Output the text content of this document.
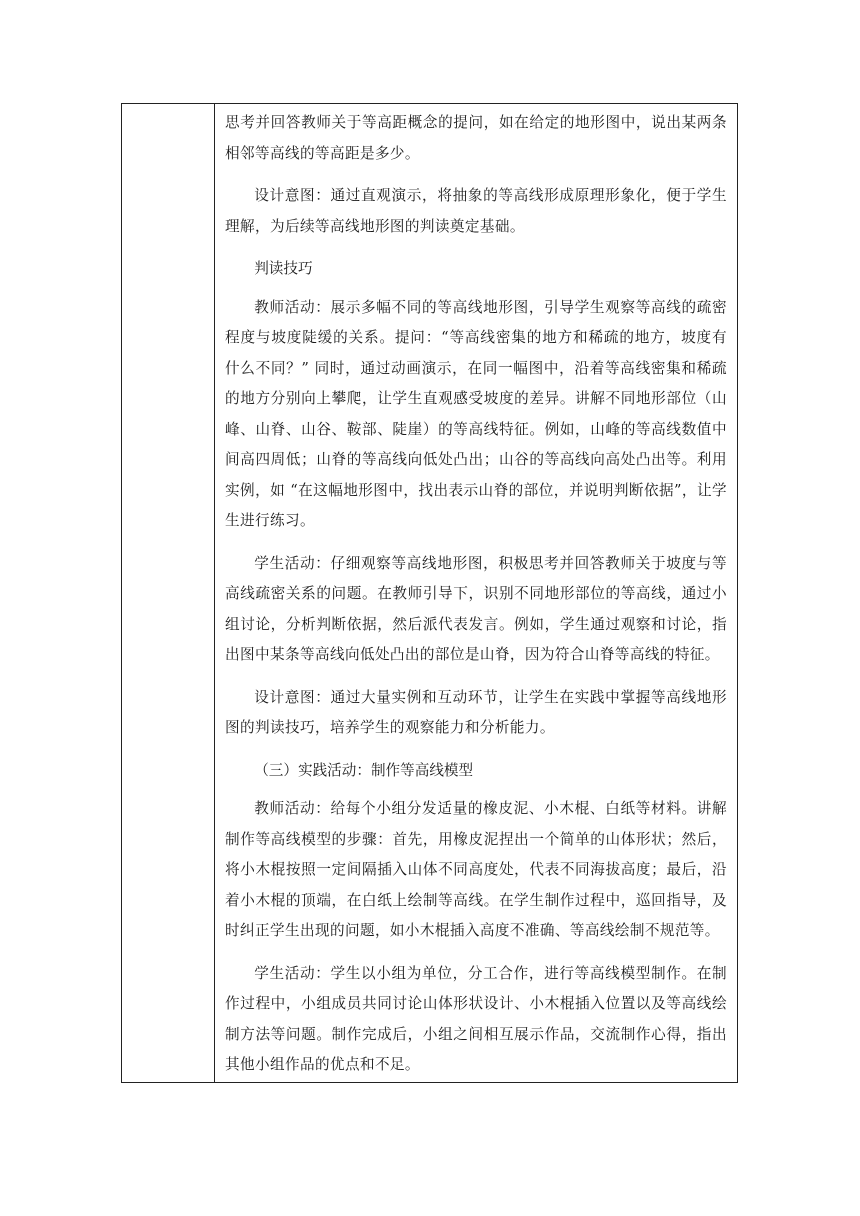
思考并回答教师关于等高距概念的提问，如在给定的地形图中，说出某两条相邻等高线的等高距是多少。

设计意图：通过直观演示，将抽象的等高线形成原理形象化，便于学生理解，为后续等高线地形图的判读奠定基础。

判读技巧

教师活动：展示多幅不同的等高线地形图，引导学生观察等高线的疏密程度与坡度陡缓的关系。提问：“等高线密集的地方和稀疏的地方，坡度有什么不同？” 同时，通过动画演示，在同一幅图中，沿着等高线密集和稀疏的地方分别向上攀爬，让学生直观感受坡度的差异。讲解不同地形部位（山峰、山脊、山谷、鞍部、陡崖）的等高线特征。例如，山峰的等高线数值中间高四周低；山脊的等高线向低处凸出；山谷的等高线向高处凸出等。利用实例，如 “在这幅地形图中，找出表示山脊的部位，并说明判断依据”，让学生进行练习。

学生活动：仔细观察等高线地形图，积极思考并回答教师关于坡度与等高线疏密关系的问题。在教师引导下，识别不同地形部位的等高线，通过小组讨论，分析判断依据，然后派代表发言。例如，学生通过观察和讨论，指出图中某条等高线向低处凸出的部位是山脊，因为符合山脊等高线的特征。

设计意图：通过大量实例和互动环节，让学生在实践中掌握等高线地形图的判读技巧，培养学生的观察能力和分析能力。

（三）实践活动：制作等高线模型

教师活动：给每个小组分发适量的橡皮泥、小木棍、白纸等材料。讲解制作等高线模型的步骤：首先，用橡皮泥捏出一个简单的山体形状；然后，将小木棍按照一定间隔插入山体不同高度处，代表不同海拔高度；最后，沿着小木棍的顶端，在白纸上绘制等高线。在学生制作过程中，巡回指导，及时纠正学生出现的问题，如小木棍插入高度不准确、等高线绘制不规范等。

学生活动：学生以小组为单位，分工合作，进行等高线模型制作。在制作过程中，小组成员共同讨论山体形状设计、小木棍插入位置以及等高线绘制方法等问题。制作完成后，小组之间相互展示作品，交流制作心得，指出其他小组作品的优点和不足。
